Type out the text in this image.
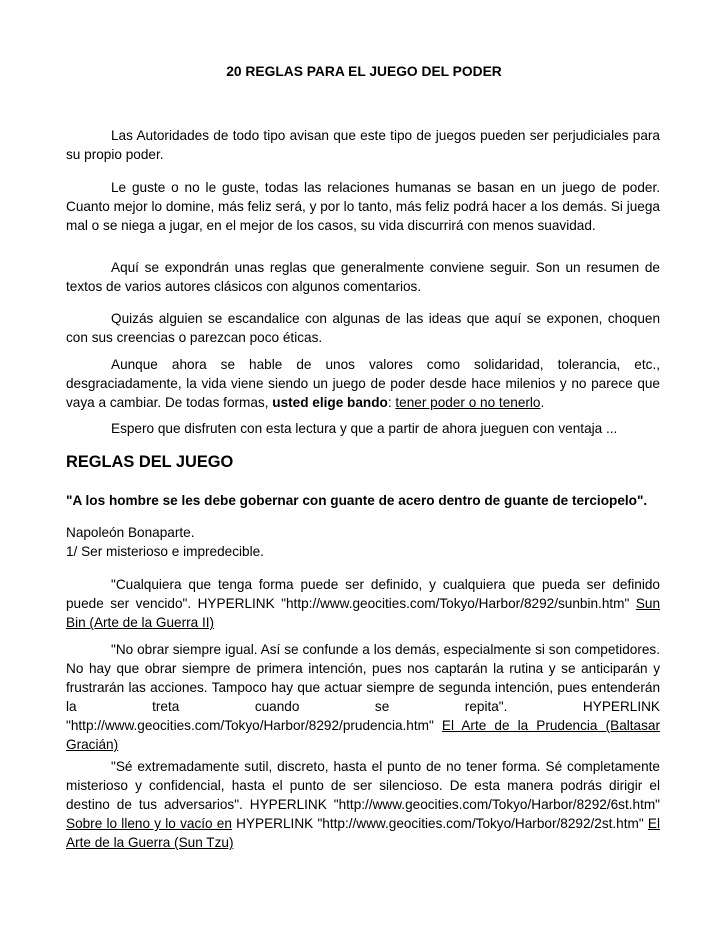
20 REGLAS PARA EL JUEGO DEL PODER

Las Autoridades de todo tipo avisan que este tipo de juegos pueden ser perjudiciales para su propio poder.

Le guste o no le guste, todas las relaciones humanas se basan en un juego de poder. Cuanto mejor lo domine, más feliz será, y por lo tanto, más feliz podrá hacer a los demás. Si juega mal o se niega a jugar, en el mejor de los casos, su vida discurrirá con menos suavidad.

Aquí se expondrán unas reglas que generalmente conviene seguir. Son un resumen de textos de varios autores clásicos con algunos comentarios.

Quizás alguien se escandalice con algunas de las ideas que aquí se exponen, choquen con sus creencias o parezcan poco éticas.

Aunque ahora se hable de unos valores como solidaridad, tolerancia, etc., desgraciadamente, la vida viene siendo un juego de poder desde hace milenios y no parece que vaya a cambiar. De todas formas, usted elige bando: tener poder o no tenerlo.

Espero que disfruten con esta lectura y que a partir de ahora jueguen con ventaja ...

REGLAS DEL JUEGO

"A los hombre se les debe gobernar con guante de acero dentro de guante de terciopelo".

Napoleón Bonaparte.

1/ Ser misterioso e impredecible.

"Cualquiera que tenga forma puede ser definido, y cualquiera que pueda ser definido puede ser vencido". HYPERLINK "http://www.geocities.com/Tokyo/Harbor/8292/sunbin.htm" Sun Bin (Arte de la Guerra II)

"No obrar siempre igual. Así se confunde a los demás, especialmente si son competidores. No hay que obrar siempre de primera intención, pues nos captarán la rutina y se anticiparán y frustrarán las acciones. Tampoco hay que actuar siempre de segunda intención, pues entenderán la treta cuando se repita". HYPERLINK "http://www.geocities.com/Tokyo/Harbor/8292/prudencia.htm" El Arte de la Prudencia (Baltasar Gracián)

"Sé extremadamente sutil, discreto, hasta el punto de no tener forma. Sé completamente misterioso y confidencial, hasta el punto de ser silencioso. De esta manera podrás dirigir el destino de tus adversarios". HYPERLINK "http://www.geocities.com/Tokyo/Harbor/8292/6st.htm" Sobre lo lleno y lo vacío en HYPERLINK "http://www.geocities.com/Tokyo/Harbor/8292/2st.htm" El Arte de la Guerra (Sun Tzu)
